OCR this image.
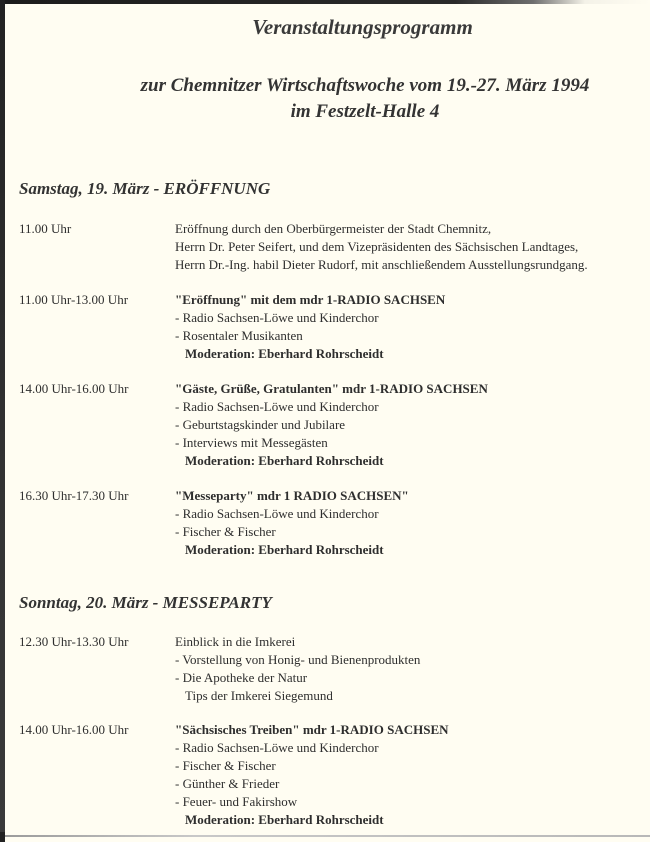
Veranstaltungsprogramm
zur Chemnitzer Wirtschaftswoche vom 19.-27. März 1994
im Festzelt-Halle 4
Samstag, 19. März - ERÖFFNUNG
11.00 Uhr	Eröffnung durch den Oberbürgermeister der Stadt Chemnitz,
Herrn Dr. Peter Seifert, und dem Vizepräsidenten des Sächsischen Landtages,
Herrn Dr.-Ing. habil Dieter Rudorf, mit anschließendem Ausstellungsrundgang.
11.00 Uhr-13.00 Uhr	"Eröffnung" mit dem mdr 1-RADIO SACHSEN
- Radio Sachsen-Löwe und Kinderchor
- Rosentaler Musikanten
Moderation: Eberhard Rohrscheidt
14.00 Uhr-16.00 Uhr	"Gäste, Grüße, Gratulanten" mdr 1-RADIO SACHSEN
- Radio Sachsen-Löwe und Kinderchor
- Geburtstagskinder und Jubilare
- Interviews mit Messegästen
Moderation: Eberhard Rohrscheidt
16.30 Uhr-17.30 Uhr	"Messeparty" mdr 1 RADIO SACHSEN"
- Radio Sachsen-Löwe und Kinderchor
- Fischer & Fischer
Moderation: Eberhard Rohrscheidt
Sonntag, 20. März - MESSEPARTY
12.30 Uhr-13.30 Uhr	Einblick in die Imkerei
- Vorstellung von Honig- und Bienenprodukten
- Die Apotheke der Natur
Tips der Imkerei Siegemund
14.00 Uhr-16.00 Uhr	"Sächsisches Treiben" mdr 1-RADIO SACHSEN
- Radio Sachsen-Löwe und Kinderchor
- Fischer & Fischer
- Günther & Frieder
- Feuer- und Fakirshow
Moderation: Eberhard Rohrscheidt
